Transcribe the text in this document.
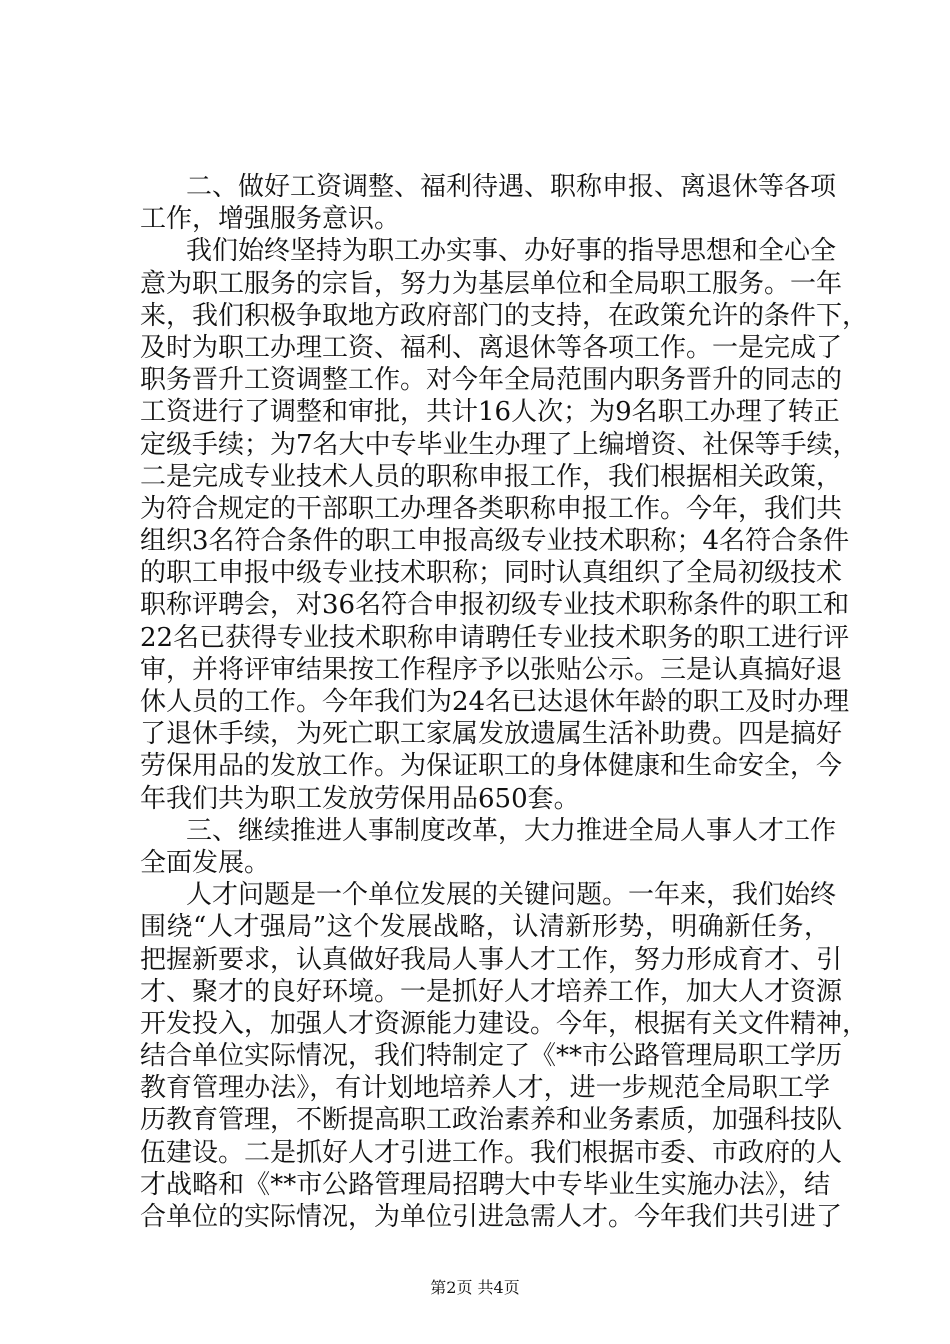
二、做好工资调整、福利待遇、职称申报、离退休等各项
工作，增强服务意识。
我们始终坚持为职工办实事、办好事的指导思想和全心全
意为职工服务的宗旨，努力为基层单位和全局职工服务。一年
来，我们积极争取地方政府部门的支持，在政策允许的条件下，
及时为职工办理工资、福利、离退休等各项工作。一是完成了
职务晋升工资调整工作。对今年全局范围内职务晋升的同志的
工资进行了调整和审批，共计16人次；为9名职工办理了转正
定级手续；为7名大中专毕业生办理了上编增资、社保等手续，
二是完成专业技术人员的职称申报工作，我们根据相关政策，
为符合规定的干部职工办理各类职称申报工作。今年，我们共
组织3名符合条件的职工申报高级专业技术职称；4名符合条件
的职工申报中级专业技术职称；同时认真组织了全局初级技术
职称评聘会，对36名符合申报初级专业技术职称条件的职工和
22名已获得专业技术职称申请聘任专业技术职务的职工进行评
审，并将评审结果按工作程序予以张贴公示。三是认真搞好退
休人员的工作。今年我们为24名已达退休年龄的职工及时办理
了退休手续，为死亡职工家属发放遗属生活补助费。四是搞好
劳保用品的发放工作。为保证职工的身体健康和生命安全，今
年我们共为职工发放劳保用品650套。
三、继续推进人事制度改革，大力推进全局人事人才工作
全面发展。
人才问题是一个单位发展的关键问题。一年来，我们始终
围绕“人才强局”这个发展战略，认清新形势，明确新任务，
把握新要求，认真做好我局人事人才工作，努力形成育才、引
才、聚才的良好环境。一是抓好人才培养工作，加大人才资源
开发投入，加强人才资源能力建设。今年，根据有关文件精神，
结合单位实际情况，我们特制定了《**市公路管理局职工学历
教育管理办法》，有计划地培养人才，进一步规范全局职工学
历教育管理，不断提高职工政治素养和业务素质，加强科技队
伍建设。二是抓好人才引进工作。我们根据市委、市政府的人
才战略和《**市公路管理局招聘大中专毕业生实施办法》，结
合单位的实际情况，为单位引进急需人才。今年我们共引进了
第2页 共4页
